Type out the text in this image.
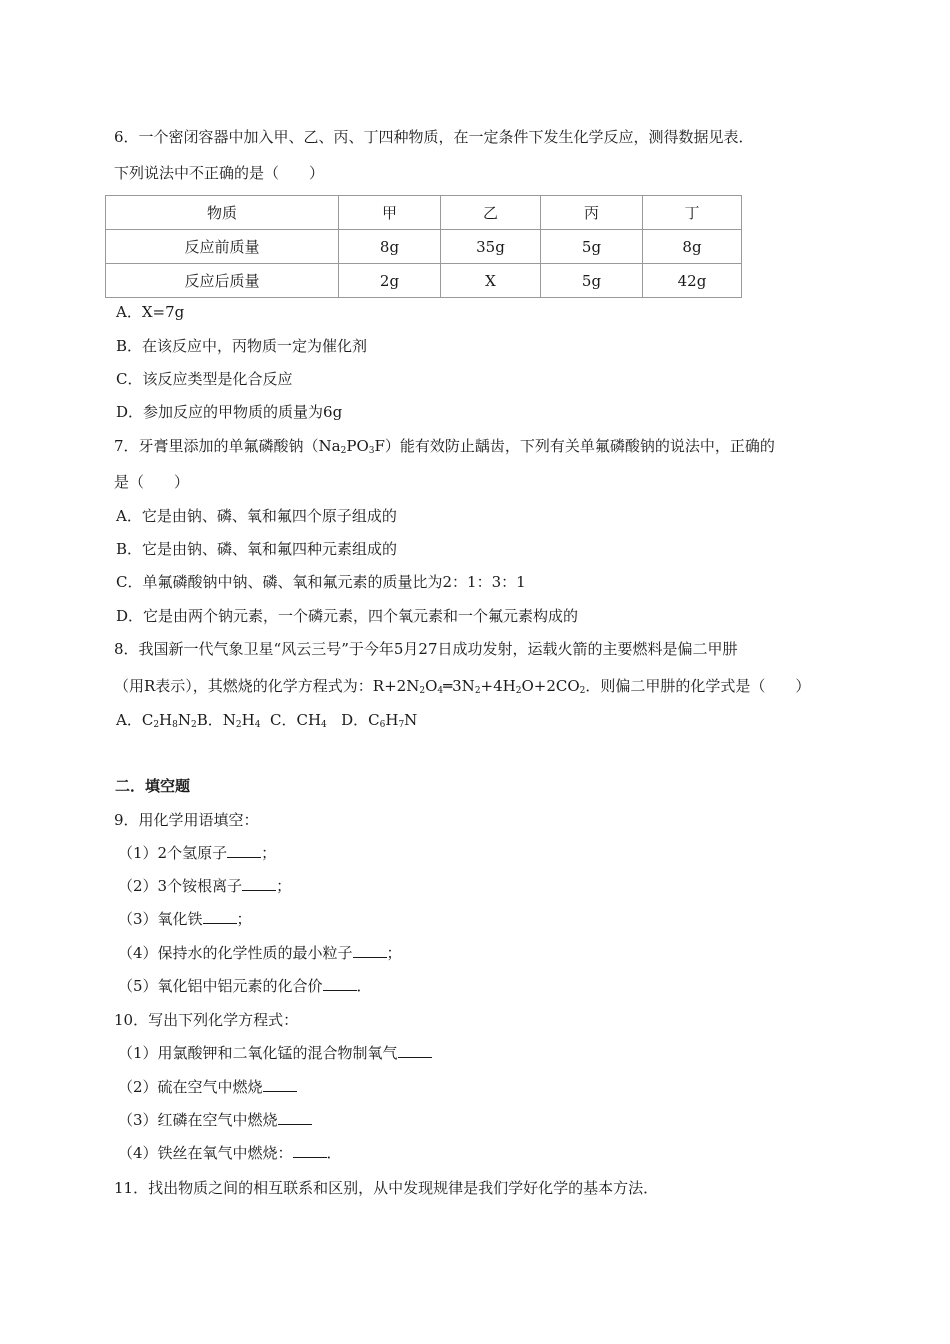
6．一个密闭容器中加入甲、乙、丙、丁四种物质，在一定条件下发生化学反应，测得数据见表．
下列说法中不正确的是（　　）
物质	甲	乙	丙	丁
反应前质量	8g	35g	5g	8g
反应后质量	2g	X	5g	42g
A．X=7g
B．在该反应中，丙物质一定为催化剂
C．该反应类型是化合反应
D．参加反应的甲物质的质量为6g
7．牙膏里添加的单氟磷酸钠$(Na_2PO_3F)$能有效防止龋齿，下列有关单氟磷酸钠的说法中，正确的
是（　　）
A．它是由钠、磷、氧和氟四个原子组成的
B．它是由钠、磷、氧和氟四种元素组成的
C．单氟磷酸钠中钠、磷、氧和氟元素的质量比为2：1：3：1
D．它是由两个钠元素，一个磷元素，四个氧元素和一个氟元素构成的
8．我国新一代气象卫星“风云三号”于今年5月27日成功发射，运载火箭的主要燃料是偏二甲肼
（用R表示），其燃烧的化学方程式为：$R+2N_2O_4═3N_2+4H_2O+2CO_2$．则偏二甲肼的化学式是（　　）
A．$C_2H_8N_2B$．$N_2H_4$ C．$CH_4$ D．$C_6H_7N$
二．填空题
9．用化学用语填空：
（1）2个氢原子 ；
（2）3个铵根离子 ；
（3）氧化铁 ；
（4）保持水的化学性质的最小粒子 ；
（5）氧化铝中铝元素的化合价 ．
10．写出下列化学方程式：
（1）用氯酸钾和二氧化锰的混合物制氧气
（2）硫在空气中燃烧
（3）红磷在空气中燃烧
（4）铁丝在氧气中燃烧： ．
11．找出物质之间的相互联系和区别，从中发现规律是我们学好化学的基本方法．
